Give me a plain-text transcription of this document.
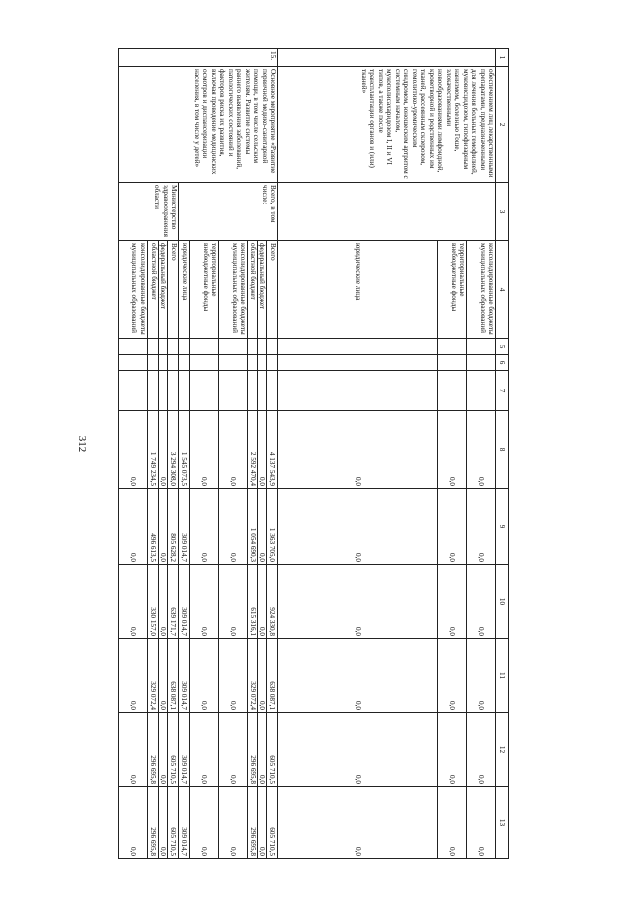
312
1	2	3	4	5	6	7	8	9	10	11	12	13
	обеспечением лиц лекарственными препаратами, предназначенными для лечения больных гемофилией, муковисцидозом, гипофизарным нанизмом, болезнью Гоше, злокачественными новообразованиями лимфоидной, кроветворной и родственных им тканей, рассеянным склерозом, гемолитико-уремическим синдромом, юношеским артритом с системным началом, мукополисахаридозом I, II и VI типов, а также после трансплантации органов и (или) тканей»		консолидированные бюджеты муниципальных образований				0,0	0,0	0,0	0,0	0,0	0,0
			территориальные внебюджетные фонды				0,0	0,0	0,0	0,0	0,0	0,0
			юридические лица				0,0	0,0	0,0	0,0	0,0	0,0
15.	Основное мероприятие «Развитие первичной медико-санитарной помощи, в том числе сельским жителям. Развитие системы раннего выявления заболеваний, патологических состояний и факторов риска их развития, включая проведение медицинских осмотров и диспансеризации населения, в том числе у детей»	Всего, в том числе:	Всего				4 137 543,9	1 363 705,0	924 330,8	638 087,1	605 710,5	605 710,5
			федеральный бюджет				0,0	0,0	0,0	0,0	0,0	0,0
			областной бюджет				2 592 470,4	1 054 690,3	615 316,1	329 072,4	296 695,8	296 695,8
			консолидированные бюджеты муниципальных образований				0,0	0,0	0,0	0,0	0,0	0,0
			территориальные внебюджетные фонды				0,0	0,0	0,0	0,0	0,0	0,0
			юридические лица				1 545 073,5	309 014,7	309 014,7	309 014,7	309 014,7	309 014,7
		Министерство здравоохранения области	Всего				3 294 308,0	805 628,2	639 171,7	638 087,1	605 710,5	605 710,5
			федеральный бюджет				0,0	0,0	0,0	0,0	0,0	0,0
			областной бюджет				1 749 234,5	496 613,5	330 157,0	329 072,4	296 695,8	296 695,8
			консолидированные бюджеты муниципальных образований				0,0	0,0	0,0	0,0	0,0	0,0
